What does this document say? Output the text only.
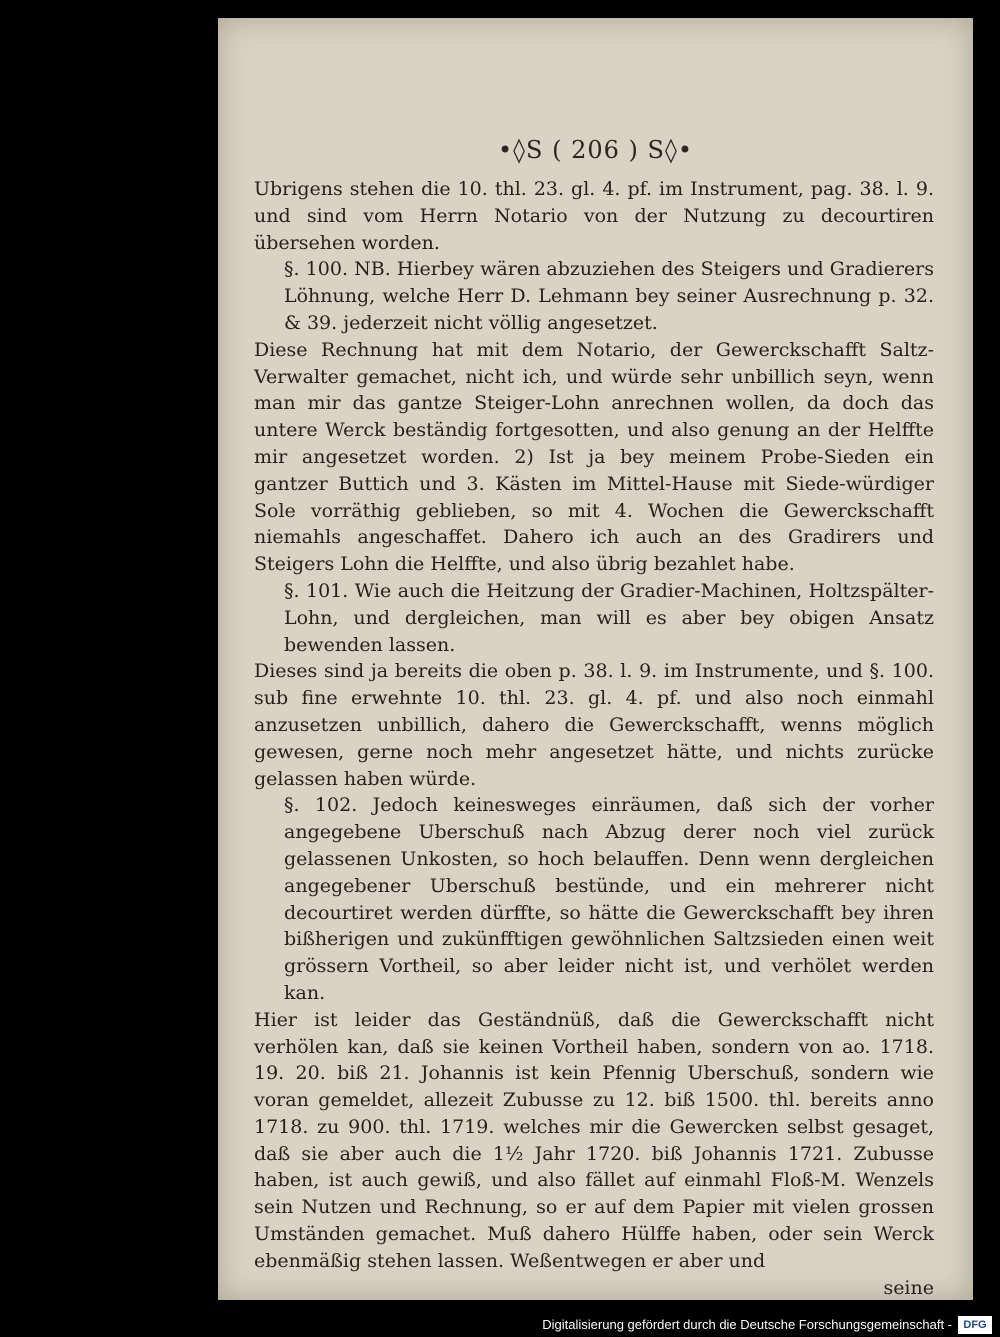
•◊S ( 206 ) S◊•

Ubrigens stehen die 10. thl. 23. gl. 4. pf. im Instrument, pag. 38. l. 9. und sind vom Herrn Notario von der Nutzung zu decourtiren übersehen worden.

§. 100. NB. Hierbey wären abzuziehen des Steigers und Gradierers Löhnung, welche Herr D. Lehmann bey seiner Ausrechnung p. 32. & 39. jederzeit nicht völlig angesetzet.

Diese Rechnung hat mit dem Notario, der Gewerckschafft Saltz-Verwalter gemachet, nicht ich, und würde sehr unbillich seyn, wenn man mir das gantze Steiger-Lohn anrechnen wollen, da doch das untere Werck beständig fortgesotten, und also genung an der Helffte mir angesetzet worden. 2) Ist ja bey meinem Probe-Sieden ein gantzer Buttich und 3. Kästen im Mittel-Hause mit Siede-würdiger Sole vorräthig geblieben, so mit 4. Wochen die Gewerckschafft niemahls angeschaffet. Dahero ich auch an des Gradirers und Steigers Lohn die Helffte, und also übrig bezahlet habe.

§. 101. Wie auch die Heitzung der Gradier-Machinen, Holtzspälter-Lohn, und dergleichen, man will es aber bey obigen Ansatz bewenden lassen.

Dieses sind ja bereits die oben p. 38. l. 9. im Instrumente, und §. 100. sub fine erwehnte 10. thl. 23. gl. 4. pf. und also noch einmahl anzusetzen unbillich, dahero die Gewerckschafft, wenns möglich gewesen, gerne noch mehr angesetzet hätte, und nichts zurücke gelassen haben würde.

§. 102. Jedoch keinesweges einräumen, daß sich der vorher angegebene Uberschuß nach Abzug derer noch viel zurück gelassenen Unkosten, so hoch belauffen. Denn wenn dergleichen angegebener Uberschuß bestünde, und ein mehrerer nicht decourtiret werden dürffte, so hätte die Gewerckschafft bey ihren bißherigen und zukünfftigen gewöhnlichen Saltzsieden einen weit grössern Vortheil, so aber leider nicht ist, und verhölet werden kan.

Hier ist leider das Geständnüß, daß die Gewerckschafft nicht verhölen kan, daß sie keinen Vortheil haben, sondern von ao. 1718. 19. 20. biß 21. Johannis ist kein Pfennig Uberschuß, sondern wie voran gemeldet, allezeit Zubusse zu 12. biß 1500. thl. bereits anno 1718. zu 900. thl. 1719. welches mir die Gewercken selbst gesaget, daß sie aber auch die 1½ Jahr 1720. biß Johannis 1721. Zubusse haben, ist auch gewiß, und also fället auf einmahl Floß-M. Wenzels sein Nutzen und Rechnung, so er auf dem Papier mit vielen grossen Umständen gemachet. Muß dahero Hülffe haben, oder sein Werck ebenmäßig stehen lassen. Weßentwegen er aber und

seine

Digitalisierung gefördert durch die Deutsche Forschungsgemeinschaft -	DFG
